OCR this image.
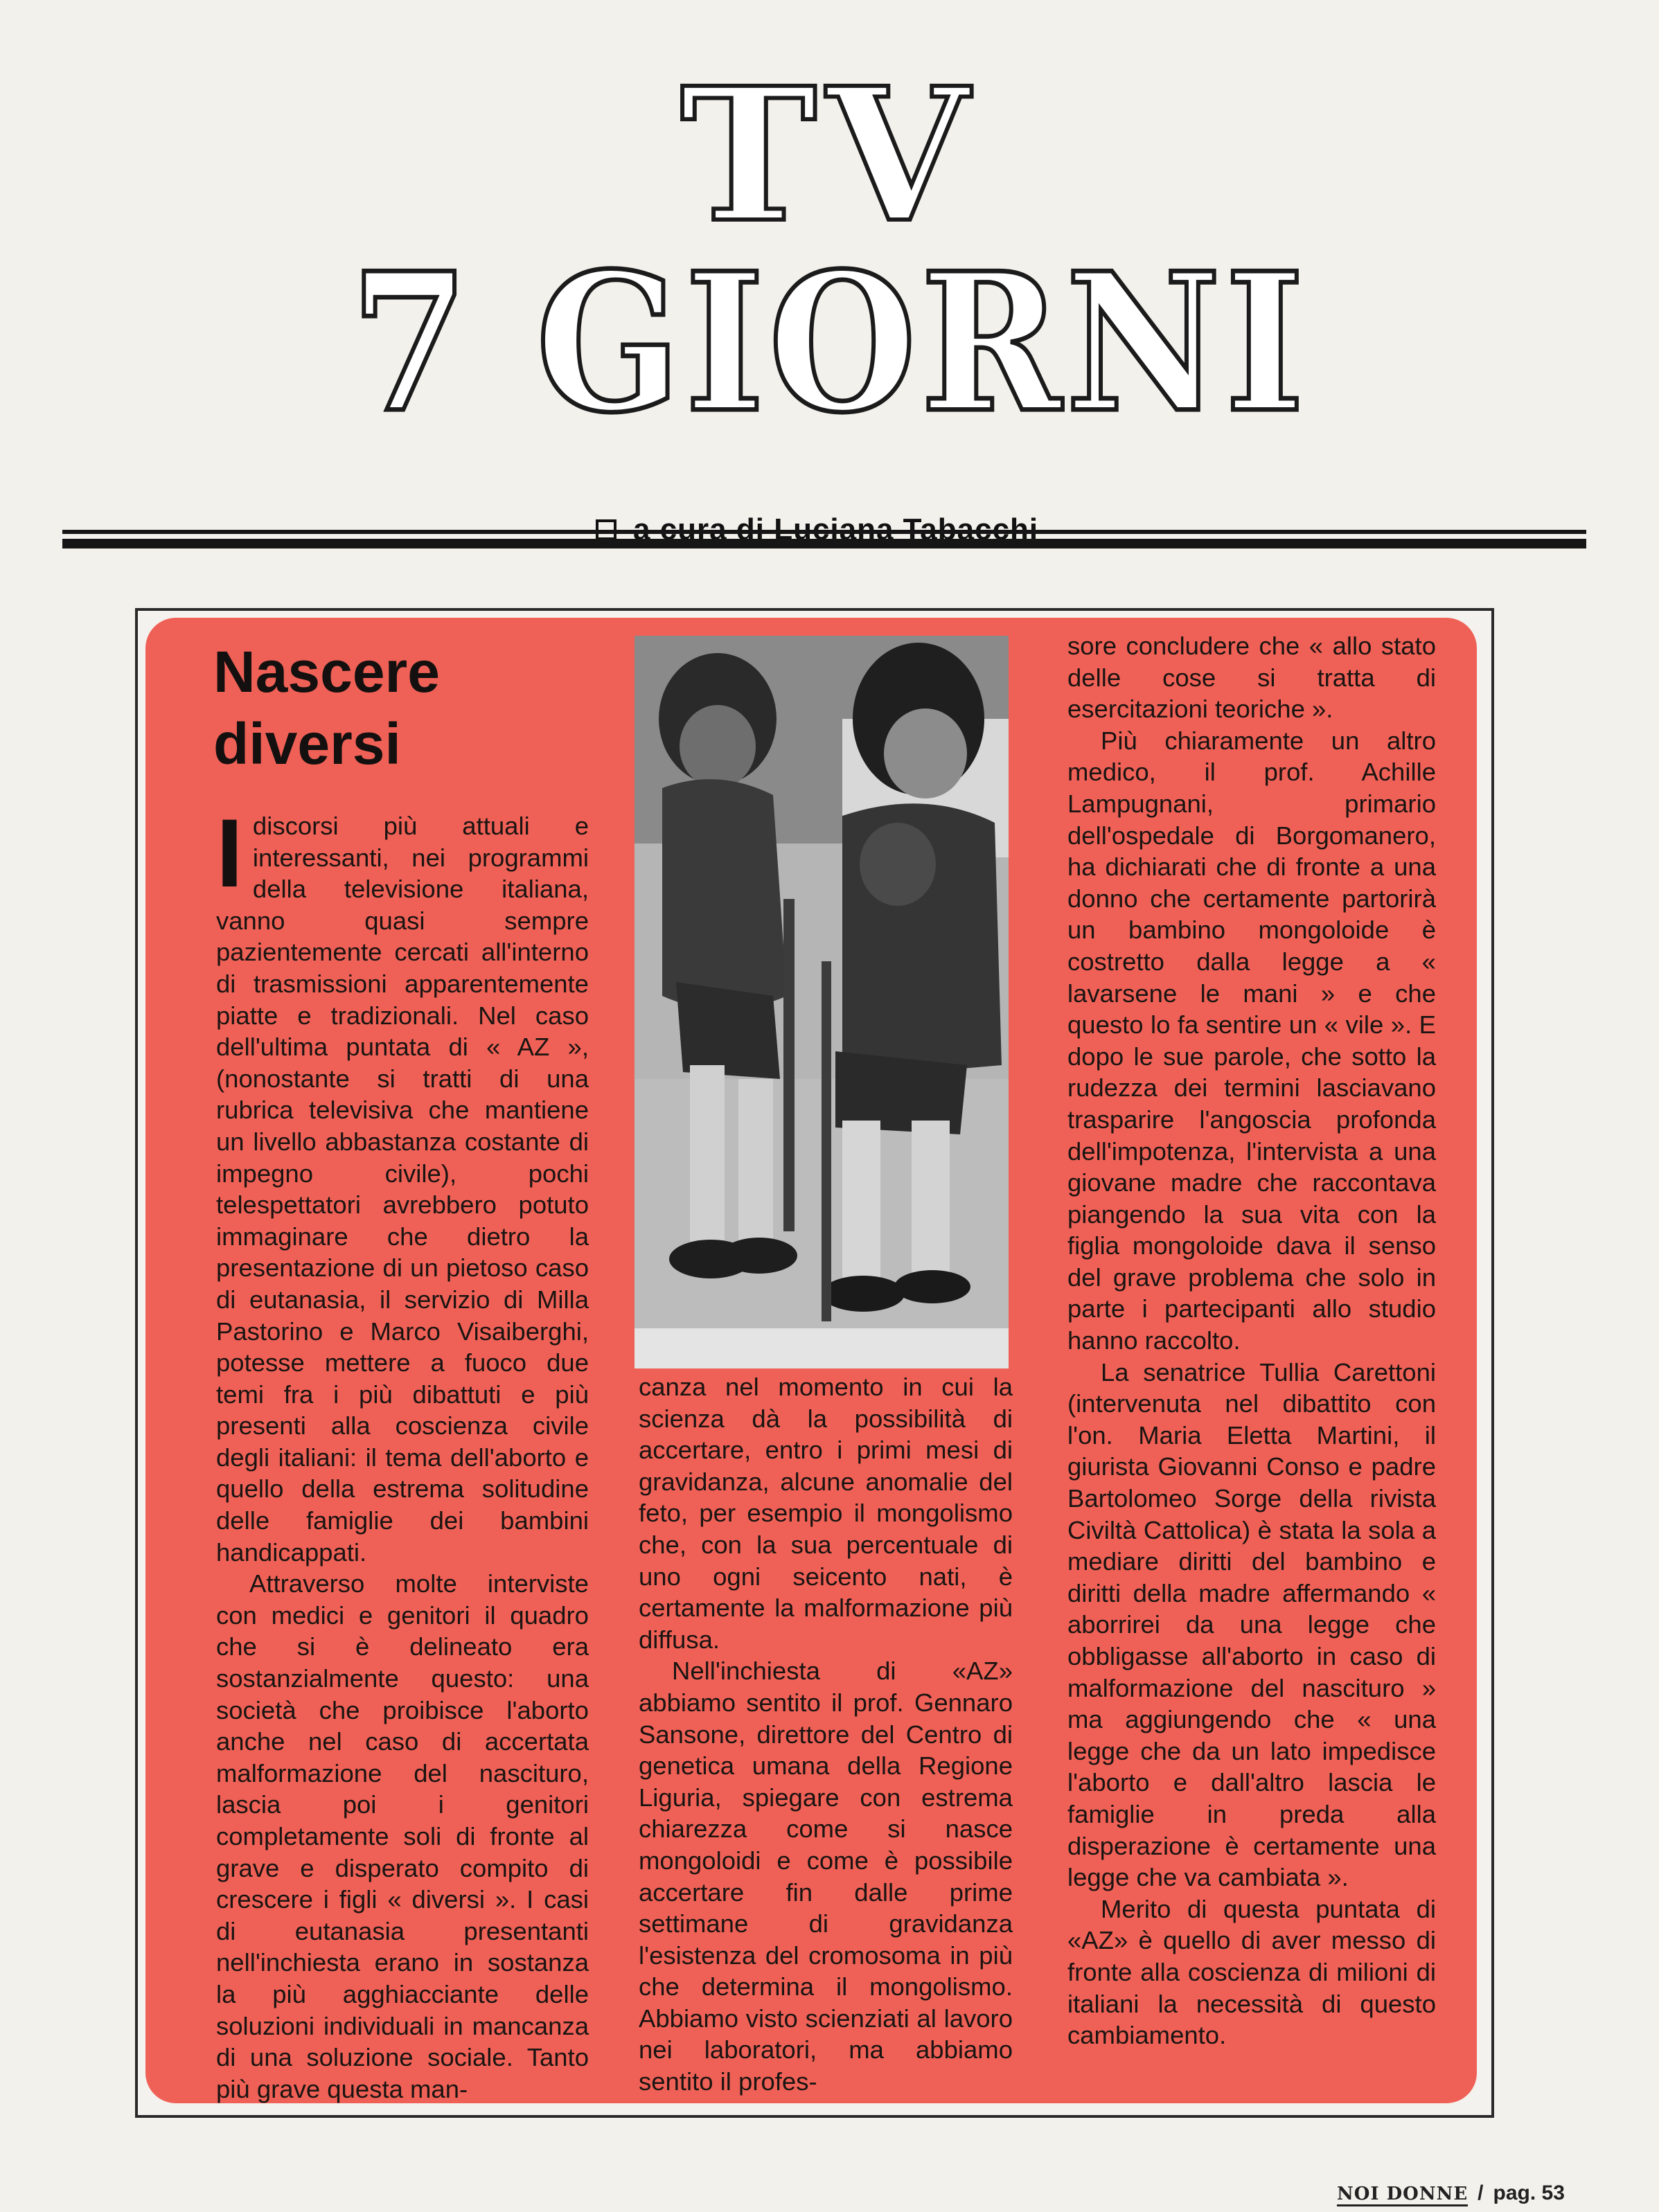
TV
7 GIORNI
Nascere
diversi

Idiscorsi più attuali e interessanti, nei programmi della televisione italiana, vanno quasi sempre pazientemente cercati all'interno di trasmissioni apparentemente piatte e tradizionali. Nel caso dell'ultima puntata di « AZ », (nonostante si tratti di una rubrica televisiva che mantiene un livello abbastanza costante di impegno civile), pochi telespettatori avrebbero potuto immaginare che dietro la presentazione di un pietoso caso di eutanasia, il servizio di Milla Pastorino e Marco Visaiberghi, potesse mettere a fuoco due temi fra i più dibattuti e più presenti alla coscienza civile degli italiani: il tema dell'aborto e quello della estrema solitudine delle famiglie dei bambini handicappati.

Attraverso molte interviste con medici e genitori il quadro che si è delineato era sostanzialmente questo: una società che proibisce l'aborto anche nel caso di accertata malformazione del nascituro, lascia poi i genitori completamente soli di fronte al grave e disperato compito di crescere i figli « diversi ». I casi di eutanasia presentanti nell'inchiesta erano in sostanza la più agghiacciante delle soluzioni individuali in mancanza di una soluzione sociale. Tanto più grave questa man-

canza nel momento in cui la scienza dà la possibilità di accertare, entro i primi mesi di gravidanza, alcune anomalie del feto, per esempio il mongolismo che, con la sua percentuale di uno ogni seicento nati, è certamente la malformazione più diffusa.

Nell'inchiesta di «AZ» abbiamo sentito il prof. Gennaro Sansone, direttore del Centro di genetica umana della Regione Liguria, spiegare con estrema chiarezza come si nasce mongoloidi e come è possibile accertare fin dalle prime settimane di gravidanza l'esistenza del cromosoma in più che determina il mongolismo. Abbiamo visto scienziati al lavoro nei laboratori, ma abbiamo sentito il profes-

sore concludere che « allo stato delle cose si tratta di esercitazioni teoriche ».

Più chiaramente un altro medico, il prof. Achille Lampugnani, primario dell'ospedale di Borgomanero, ha dichiarati che di fronte a una donno che certamente partorirà un bambino mongoloide è costretto dalla legge a « lavarsene le mani » e che questo lo fa sentire un « vile ». E dopo le sue parole, che sotto la rudezza dei termini lasciavano trasparire l'angoscia profonda dell'impotenza, l'intervista a una giovane madre che raccontava piangendo la sua vita con la figlia mongoloide dava il senso del grave problema che solo in parte i partecipanti allo studio hanno raccolto.

La senatrice Tullia Carettoni (intervenuta nel dibattito con l'on. Maria Eletta Martini, il giurista Giovanni Conso e padre Bartolomeo Sorge della rivista Civiltà Cattolica) è stata la sola a mediare diritti del bambino e diritti della madre affermando « aborrirei da una legge che obbligasse all'aborto in caso di malformazione del nascituro » ma aggiungendo che « una legge che da un lato impedisce l'aborto e dall'altro lascia le famiglie in preda alla disperazione è certamente una legge che va cambiata ».

Merito di questa puntata di «AZ» è quello di aver messo di fronte alla coscienza di milioni di italiani la necessità di questo cambiamento.

NOI DONNE / pag. 53
